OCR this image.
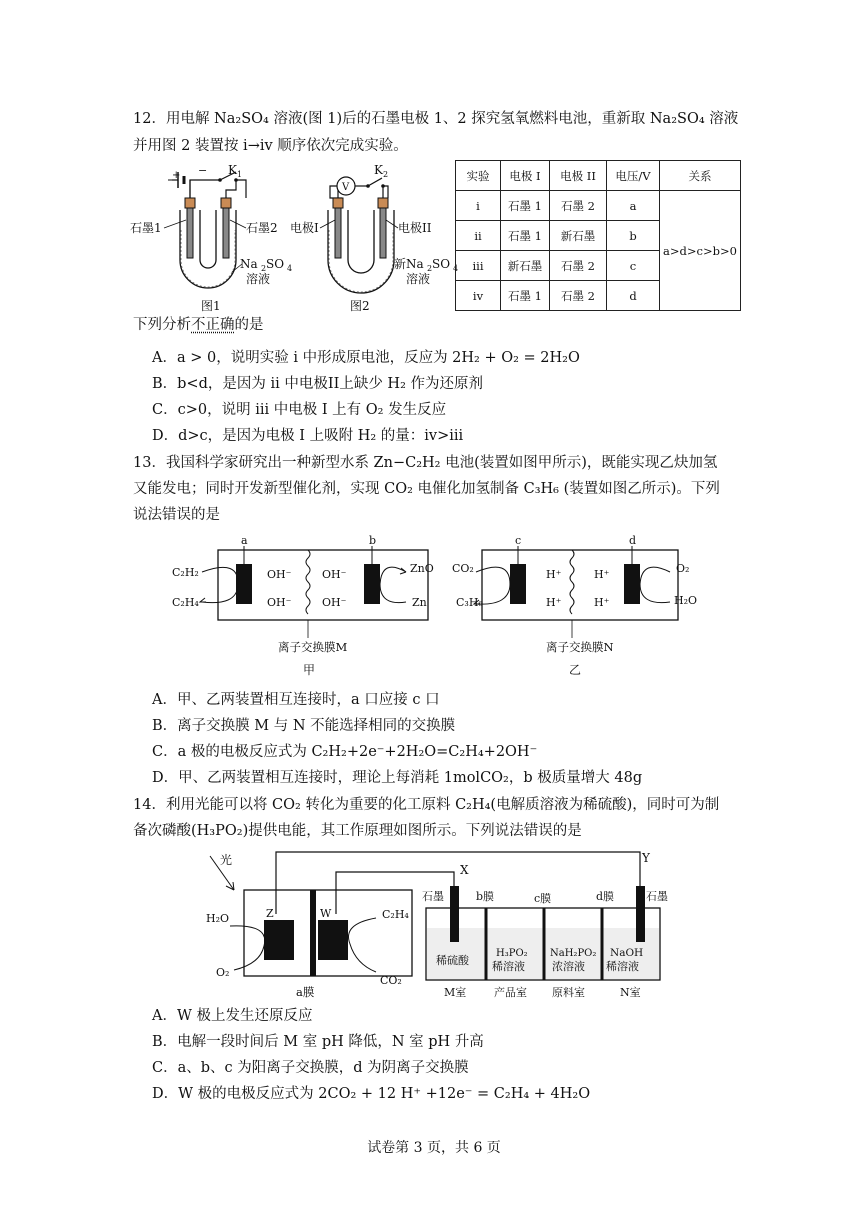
12．用电解 Na₂SO₄ 溶液(图 1)后的石墨电极 1、2 探究氢氧燃料电池，重新取 Na₂SO₄ 溶液
并用图 2 装置按 i→iv 顺序依次完成实验。
+ − K 1
石墨1	石墨2
Na 2 SO 4
溶液
图1
V
K 2
电极I	电极II
新Na 2 SO 4
溶液
图2
实验	电极 I	电极 II	电压/V	关系
i	石墨 1	石墨 2	a	a>d>c>b>0
ii	石墨 1	新石墨	b	
iii	新石墨	石墨 2	c	
iv	石墨 1	石墨 2	d	
下列分析不正确的是
A．a > 0，说明实验 i 中形成原电池，反应为 2H₂ + O₂ = 2H₂O
B．b<d，是因为 ii 中电极II上缺少 H₂ 作为还原剂
C．c>0，说明 iii 中电极 I 上有 O₂ 发生反应
D．d>c，是因为电极 I 上吸附 H₂ 的量：iv>iii
13．我国科学家研究出一种新型水系 Zn−C₂H₂ 电池(装置如图甲所示)，既能实现乙炔加氢
又能发电；同时开发新型催化剂，实现 CO₂ 电催化加氢制备 C₃H₆ (装置如图乙所示)。下列
说法错误的是
a	b
C₂H₂
C₂H₄
OH⁻
OH⁻
OH⁻
OH⁻
ZnO
Zn
离子交换膜M
甲
c	d
CO₂
C₃H₆
H⁺
H⁺
H⁺
H⁺
O₂
H₂O
离子交换膜N
乙
A．甲、乙两装置相互连接时，a 口应接 c 口
B．离子交换膜 M 与 N 不能选择相同的交换膜
C．a 极的电极反应式为 C₂H₂+2e⁻+2H₂O=C₂H₄+2OH⁻
D．甲、乙两装置相互连接时，理论上每消耗 1molCO₂，b 极质量增大 48g
14．利用光能可以将 CO₂ 转化为重要的化工原料 C₂H₄(电解质溶液为稀硫酸)，同时可为制
备次磷酸(H₃PO₂)提供电能，其工作原理如图所示。下列说法错误的是
X
Y
光
Z	W
H₂O
O₂
C₂H₄
CO₂
a膜
石墨	b膜	c膜	d膜	石墨
稀硫酸
H₃PO₂
稀溶液
NaH₂PO₂
浓溶液
NaOH
稀溶液
M室	产品室 原料室	N室
A．W 极上发生还原反应
B．电解一段时间后 M 室 pH 降低，N 室 pH 升高
C．a、b、c 为阳离子交换膜，d 为阴离子交换膜
D．W 极的电极反应式为 2CO₂ + 12 H⁺ +12e⁻ = C₂H₄ + 4H₂O
试卷第 3 页，共 6 页
